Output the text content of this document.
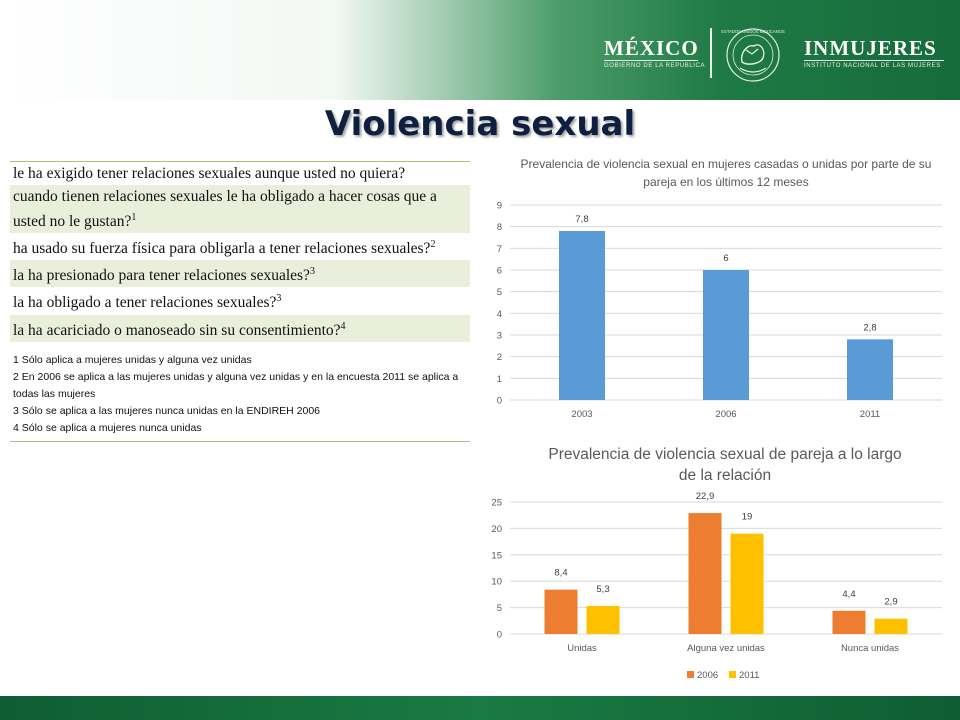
MÉXICO
GOBIERNO DE LA REPÚBLICA
ESTADOS UNIDOS MEXICANOS
INMUJERES
INSTITUTO NACIONAL DE LAS MUJERES
Violencia sexual
le ha exigido tener relaciones sexuales aunque usted no quiera?
cuando tienen relaciones sexuales le ha obligado a hacer cosas que a usted no le gustan?$^1$
ha usado su fuerza física para obligarla a tener relaciones sexuales?$^2$
la ha presionado para tener relaciones sexuales?$^3$
la ha obligado a tener relaciones sexuales?$^3$
la ha acariciado o manoseado sin su consentimiento?$^4$
1 Sólo aplica a mujeres unidas y alguna vez unidas
2 En 2006 se aplica a las mujeres unidas y alguna vez unidas y en la encuesta 2011 se aplica a todas las mujeres
3 Sólo se aplica a las mujeres nunca unidas en la ENDIREH 2006
4 Sólo se aplica a mujeres nunca unidas
Prevalencia de violencia sexual en mujeres casadas o unidas por parte de su pareja en los últimos 12 meses
0
1
2
3
4
5
6
7
8
9
2003
7,8
2006
6
2011
2,8
Prevalencia de violencia sexual de pareja a lo largo de la relación
0
5
10
15
20
25
Unidas
8,4
5,3
Alguna vez unidas
22,9
19
Nunca unidas
4,4
2,9
2006 2011
